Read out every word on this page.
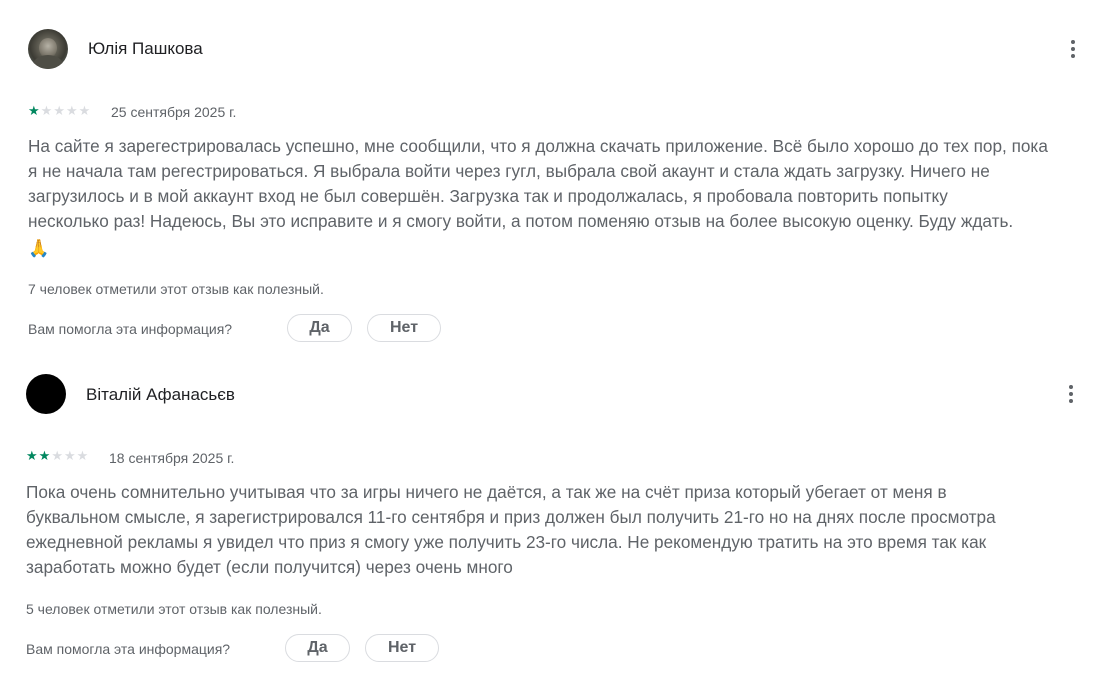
Юлія Пашкова
★ ★ ★ ★ ★ 25 сентября 2025 г.
На сайте я зарегестрировалась успешно, мне сообщили, что я должна скачать приложение. Всё было хорошо до тех пор, пока
я не начала там регестрироваться. Я выбрала войти через гугл, выбрала свой акаунт и стала ждать загрузку. Ничего не
загрузилось и в мой аккаунт вход не был совершён. Загрузка так и продолжалась, я пробовала повторить попытку
несколько раз! Надеюсь, Вы это исправите и я смогу войти, а потом поменяю отзыв на более высокую оценку. Буду ждать.
🙏
7 человек отметили этот отзыв как полезный.
Вам помогла эта информация?	Да	Нет
Віталій Афанасьєв
★ ★ ★ ★ ★ 18 сентября 2025 г.
Пока очень сомнительно учитывая что за игры ничего не даётся, а так же на счёт приза который убегает от меня в
буквальном смысле, я зарегистрировался 11-го сентября и приз должен был получить 21-го но на днях после просмотра
ежедневной рекламы я увидел что приз я смогу уже получить 23-го числа. Не рекомендую тратить на это время так как
заработать можно будет (если получится) через очень много
5 человек отметили этот отзыв как полезный.
Вам помогла эта информация?	Да	Нет
